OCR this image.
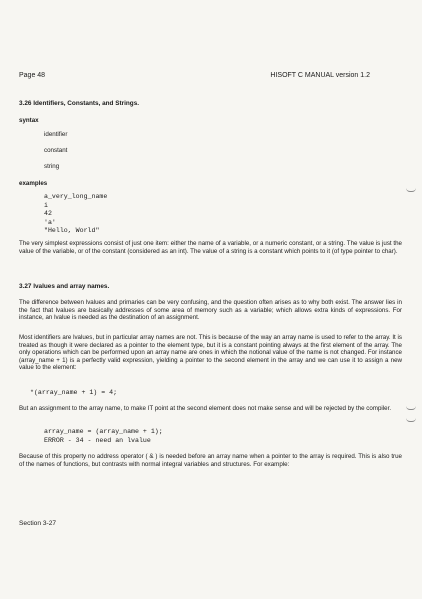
Page 48	HISOFT C MANUAL version 1.2
3.26 Identifiers, Constants, and Strings.
syntax
identifier
constant
string
examples
a_very_long_name
i
42
'a'
"Hello, World"
The very simplest expressions consist of just one item: either the name of a variable, or a numeric constant, or a string. The value is just the value of the variable, or of the constant (considered as an int). The value of a string is a constant which points to it (of type pointer to char).
3.27 lvalues and array names.
The difference between lvalues and primaries can be very confusing, and the question often arises as to why both exist. The answer lies in the fact that lvalues are basically addresses of some area of memory such as a variable; which allows extra kinds of expressions. For instance, an lvalue is needed as the destination of an assignment.
Most identifiers are lvalues, but in particular array names are not. This is because of the way an array name is used to refer to the array. It is treated as though it were declared as a pointer to the element type, but it is a constant pointing always at the first element of the array. The only operations which can be performed upon an array name are ones in which the notional value of the name is not changed. For instance (array_name + 1) is a perfectly valid expression, yielding a pointer to the second element in the array and we can use it to assign a new value to the element:
*(array_name + 1) = 4;
But an assignment to the array name, to make IT point at the second element does not make sense and will be rejected by the compiler.
array_name = (array_name + 1);
ERROR - 34 - need an lvalue
Because of this property no address operator ( & ) is needed before an array name when a pointer to the array is required. This is also true of the names of functions, but contrasts with normal integral variables and structures. For example:
Section 3-27
